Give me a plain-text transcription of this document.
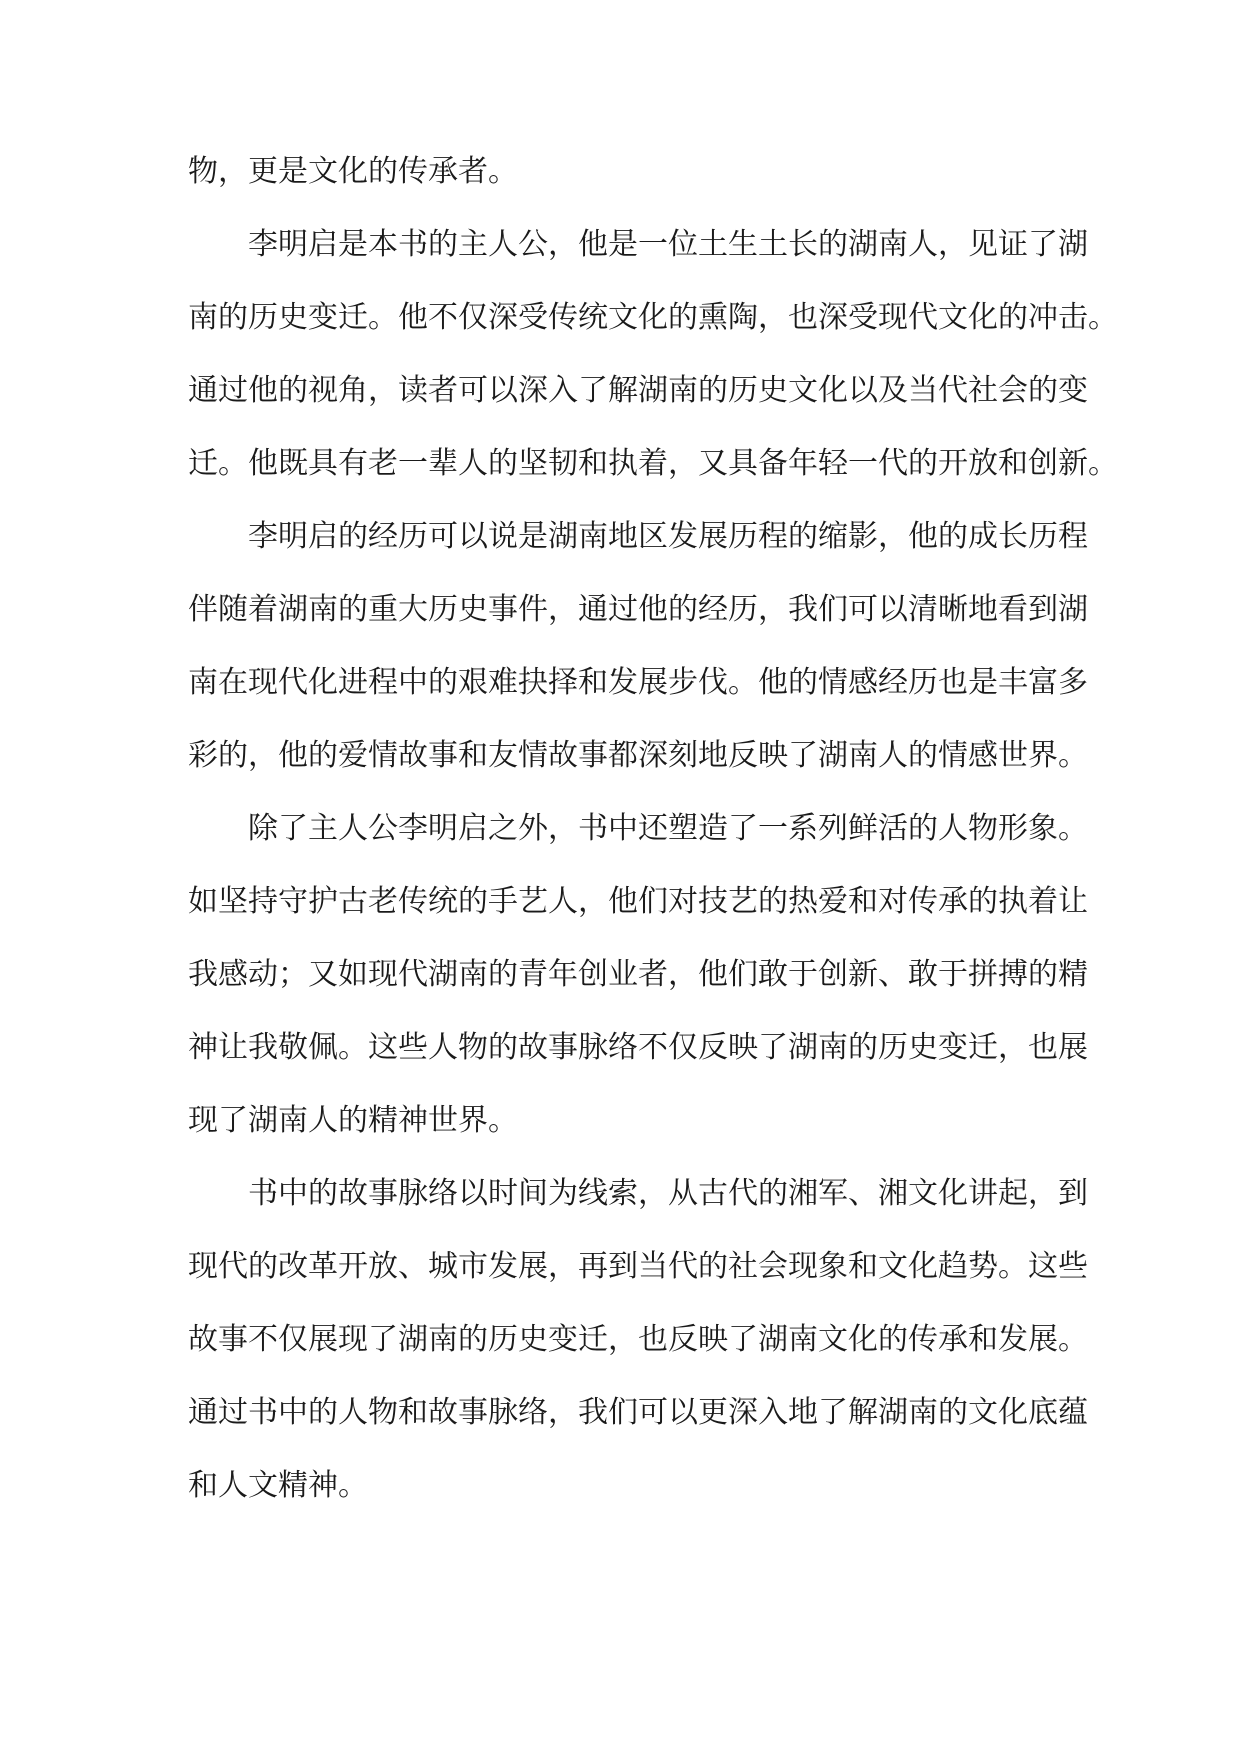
物，更是文化的传承者。
李明启是本书的主人公，他是一位土生土长的湖南人，见证了湖
南的历史变迁。他不仅深受传统文化的熏陶，也深受现代文化的冲击。
通过他的视角，读者可以深入了解湖南的历史文化以及当代社会的变
迁。他既具有老一辈人的坚韧和执着，又具备年轻一代的开放和创新。
李明启的经历可以说是湖南地区发展历程的缩影，他的成长历程
伴随着湖南的重大历史事件，通过他的经历，我们可以清晰地看到湖
南在现代化进程中的艰难抉择和发展步伐。他的情感经历也是丰富多
彩的，他的爱情故事和友情故事都深刻地反映了湖南人的情感世界。
除了主人公李明启之外，书中还塑造了一系列鲜活的人物形象。
如坚持守护古老传统的手艺人，他们对技艺的热爱和对传承的执着让
我感动；又如现代湖南的青年创业者，他们敢于创新、敢于拼搏的精
神让我敬佩。这些人物的故事脉络不仅反映了湖南的历史变迁，也展
现了湖南人的精神世界。
书中的故事脉络以时间为线索，从古代的湘军、湘文化讲起，到
现代的改革开放、城市发展，再到当代的社会现象和文化趋势。这些
故事不仅展现了湖南的历史变迁，也反映了湖南文化的传承和发展。
通过书中的人物和故事脉络，我们可以更深入地了解湖南的文化底蕴
和人文精神。
